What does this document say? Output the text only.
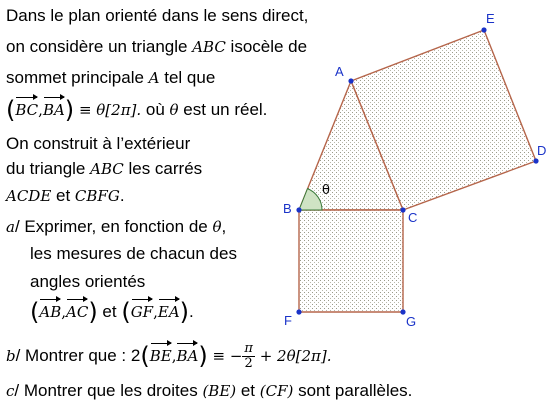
Dans le plan orienté dans le sens direct,
on considère un triangle ABC isocèle de
sommet principale A tel que
(BC,BA) ≡ θ[2π]. où θ est un réel.
On construit à l’extérieur
du triangle ABC les carrés
ACDE et CBFG.
a/ Exprimer, en fonction de θ,
les mesures de chacun des
angles orientés
(AB,AC) et (GF,EA).
b/ Montrer que : 2(BE,BA) ≡ − $\frac{\pi}{2} + 2\theta[2\pi]$.
c/ Montrer que les droites (BE) et (CF) sont parallèles.
θ
A
B
C
D
E
F	G
